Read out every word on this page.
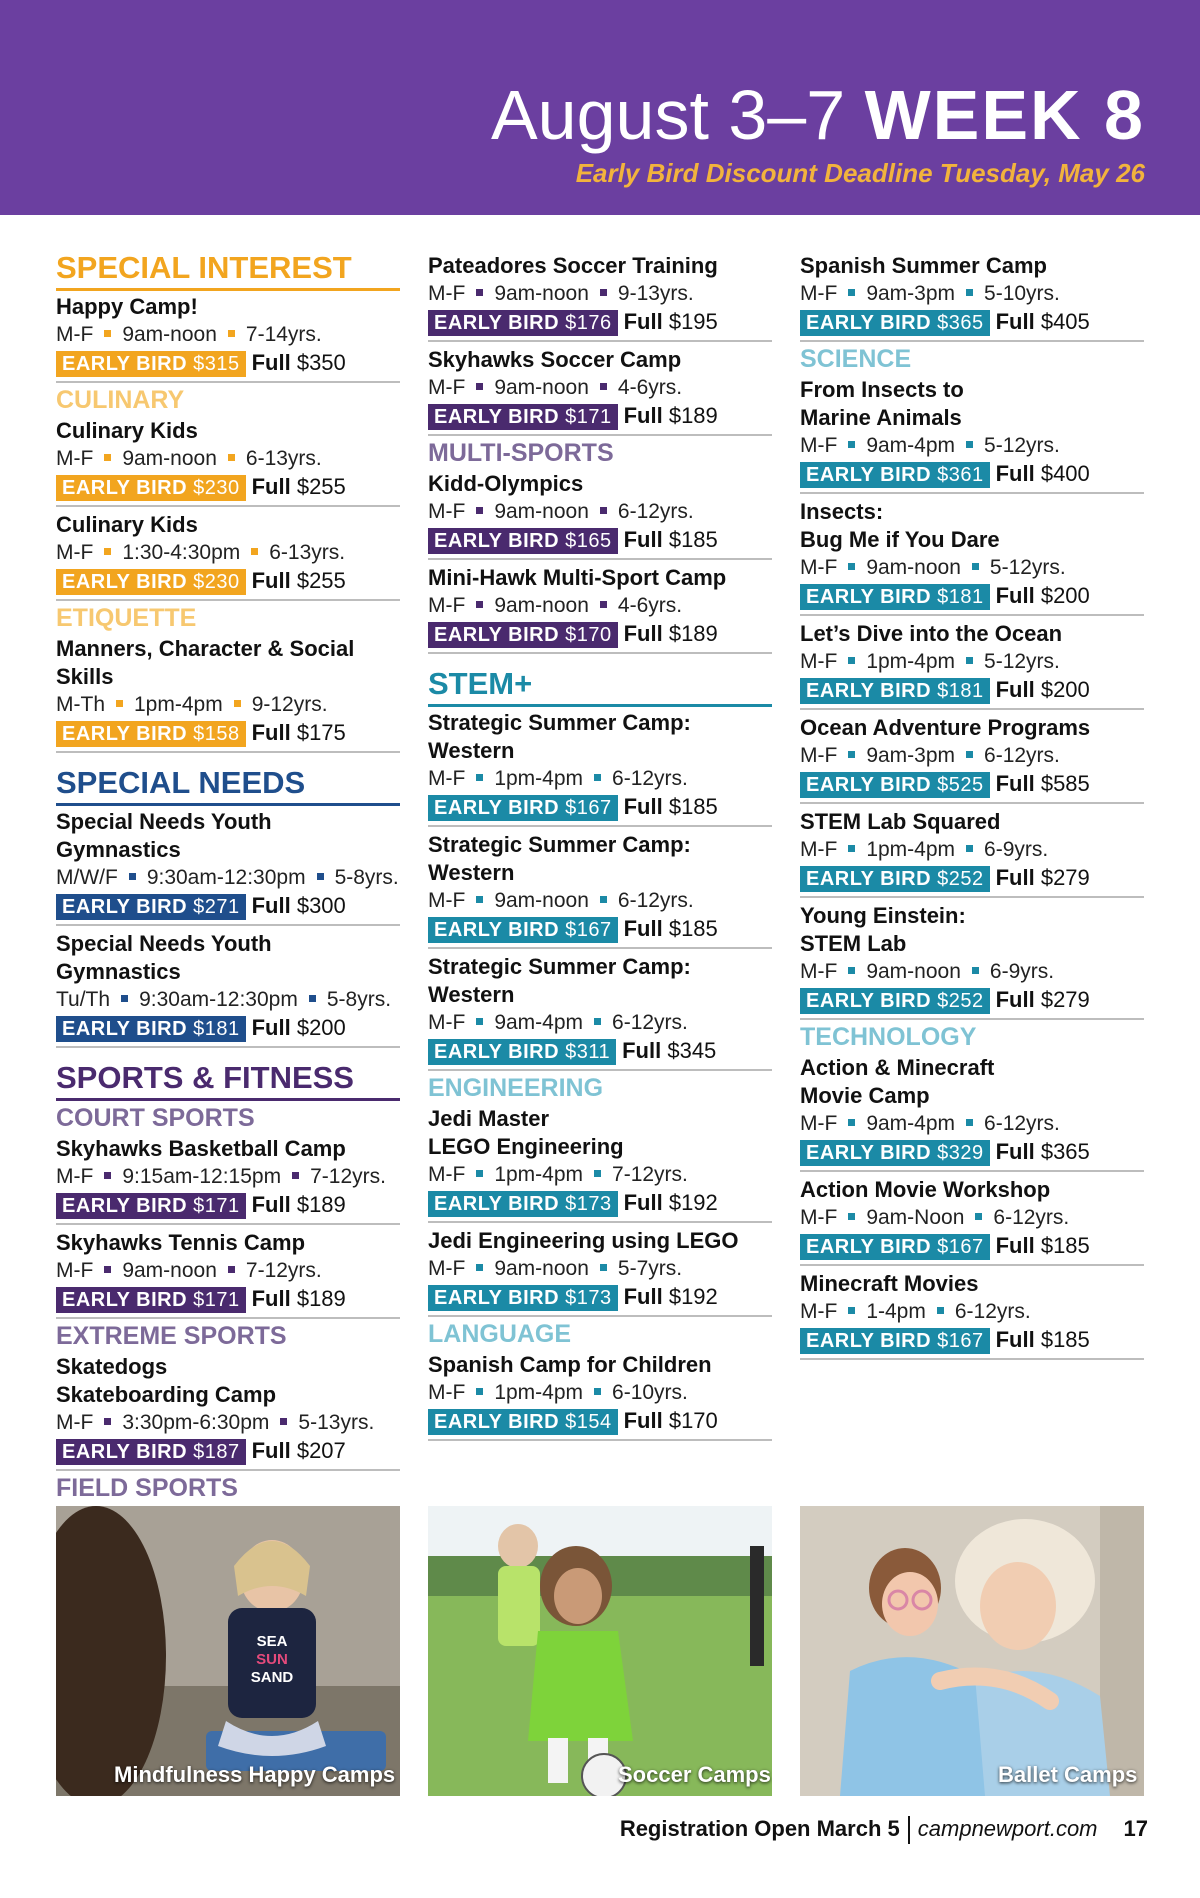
August 3–7 WEEK 8
Early Bird Discount Deadline Tuesday, May 26
SPECIAL INTEREST
Happy Camp!
M-F 9am-noon 7-14yrs.
EARLY BIRD $315 Full $350
CULINARY
Culinary Kids
M-F 9am-noon 6-13yrs.
EARLY BIRD $230 Full $255
Culinary Kids
M-F 1:30-4:30pm 6-13yrs.
EARLY BIRD $230 Full $255
ETIQUETTE
Manners, Character & Social Skills
M-Th 1pm-4pm 9-12yrs.
EARLY BIRD $158 Full $175
SPECIAL NEEDS
Special Needs Youth Gymnastics
M/W/F 9:30am-12:30pm 5-8yrs.
EARLY BIRD $271 Full $300
Special Needs Youth Gymnastics
Tu/Th 9:30am-12:30pm 5-8yrs.
EARLY BIRD $181 Full $200
SPORTS & FITNESS
COURT SPORTS
Skyhawks Basketball Camp
M-F 9:15am-12:15pm 7-12yrs.
EARLY BIRD $171 Full $189
Skyhawks Tennis Camp
M-F 9am-noon 7-12yrs.
EARLY BIRD $171 Full $189
EXTREME SPORTS
Skatedogs
Skateboarding Camp
M-F 3:30pm-6:30pm 5-13yrs.
EARLY BIRD $187 Full $207
FIELD SPORTS
Pateadores Soccer Training
M-F 9am-noon 9-13yrs.
EARLY BIRD $176 Full $195
Skyhawks Soccer Camp
M-F 9am-noon 4-6yrs.
EARLY BIRD $171 Full $189
MULTI-SPORTS
Kidd-Olympics
M-F 9am-noon 6-12yrs.
EARLY BIRD $165 Full $185
Mini-Hawk Multi-Sport Camp
M-F 9am-noon 4-6yrs.
EARLY BIRD $170 Full $189
STEM+
Strategic Summer Camp: Western
M-F 1pm-4pm 6-12yrs.
EARLY BIRD $167 Full $185
Strategic Summer Camp: Western
M-F 9am-noon 6-12yrs.
EARLY BIRD $167 Full $185
Strategic Summer Camp: Western
M-F 9am-4pm 6-12yrs.
EARLY BIRD $311 Full $345
ENGINEERING
Jedi Master
LEGO Engineering
M-F 1pm-4pm 7-12yrs.
EARLY BIRD $173 Full $192
Jedi Engineering using LEGO
M-F 9am-noon 5-7yrs.
EARLY BIRD $173 Full $192
LANGUAGE
Spanish Camp for Children
M-F 1pm-4pm 6-10yrs.
EARLY BIRD $154 Full $170
Spanish Summer Camp
M-F 9am-3pm 5-10yrs.
EARLY BIRD $365 Full $405
SCIENCE
From Insects to
Marine Animals
M-F 9am-4pm 5-12yrs.
EARLY BIRD $361 Full $400
Insects:
Bug Me if You Dare
M-F 9am-noon 5-12yrs.
EARLY BIRD $181 Full $200
Let’s Dive into the Ocean
M-F 1pm-4pm 5-12yrs.
EARLY BIRD $181 Full $200
Ocean Adventure Programs
M-F 9am-3pm 6-12yrs.
EARLY BIRD $525 Full $585
STEM Lab Squared
M-F 1pm-4pm 6-9yrs.
EARLY BIRD $252 Full $279
Young Einstein:
STEM Lab
M-F 9am-noon 6-9yrs.
EARLY BIRD $252 Full $279
TECHNOLOGY
Action & Minecraft
Movie Camp
M-F 9am-4pm 6-12yrs.
EARLY BIRD $329 Full $365
Action Movie Workshop
M-F 9am-Noon 6-12yrs.
EARLY BIRD $167 Full $185
Minecraft Movies
M-F 1-4pm 6-12yrs.
EARLY BIRD $167 Full $185
SEA
SUN
SAND
Mindfulness Happy Camps	Soccer Camps	Ballet Camps
Registration Open March 5 campnewport.com 17
